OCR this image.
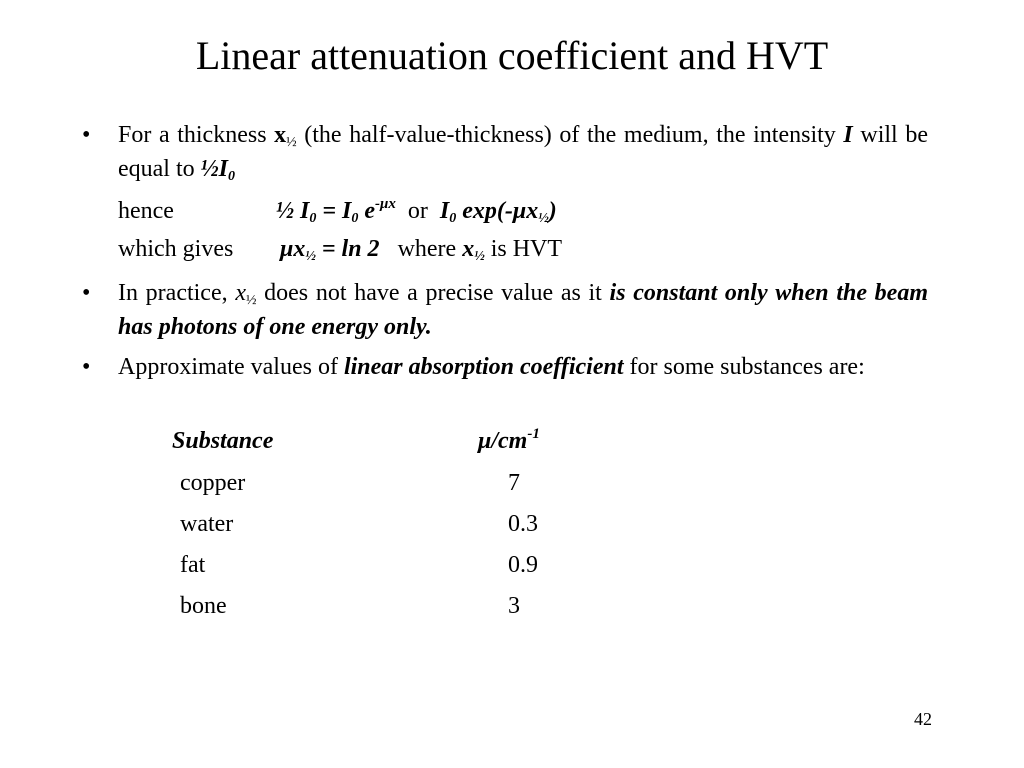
Linear attenuation coefficient and HVT
•	For a thickness $x_{\frac{1}{2}}$ (the half-value-thickness) of the medium, the intensity I will be equal to $\frac{1}{2}I_0$
hence	½ $I_0 = I_0$ $e^{-\mu x}$  or  $I_0$ $\exp(-\mu x_{\frac{1}{2}})$
which gives $\mu x_{\frac{1}{2}} = \ln 2$   where $x_{\frac{1}{2}}$ is HVT
•	In practice, $x_{\frac{1}{2}}$ does not have a precise value as it is constant only when the beam has photons of one energy only.
•	Approximate values of linear absorption coefficient for some substances are:
Substance	$\mu/cm^{-1}$
copper	7
water	0.3
fat	0.9
bone	3
42
